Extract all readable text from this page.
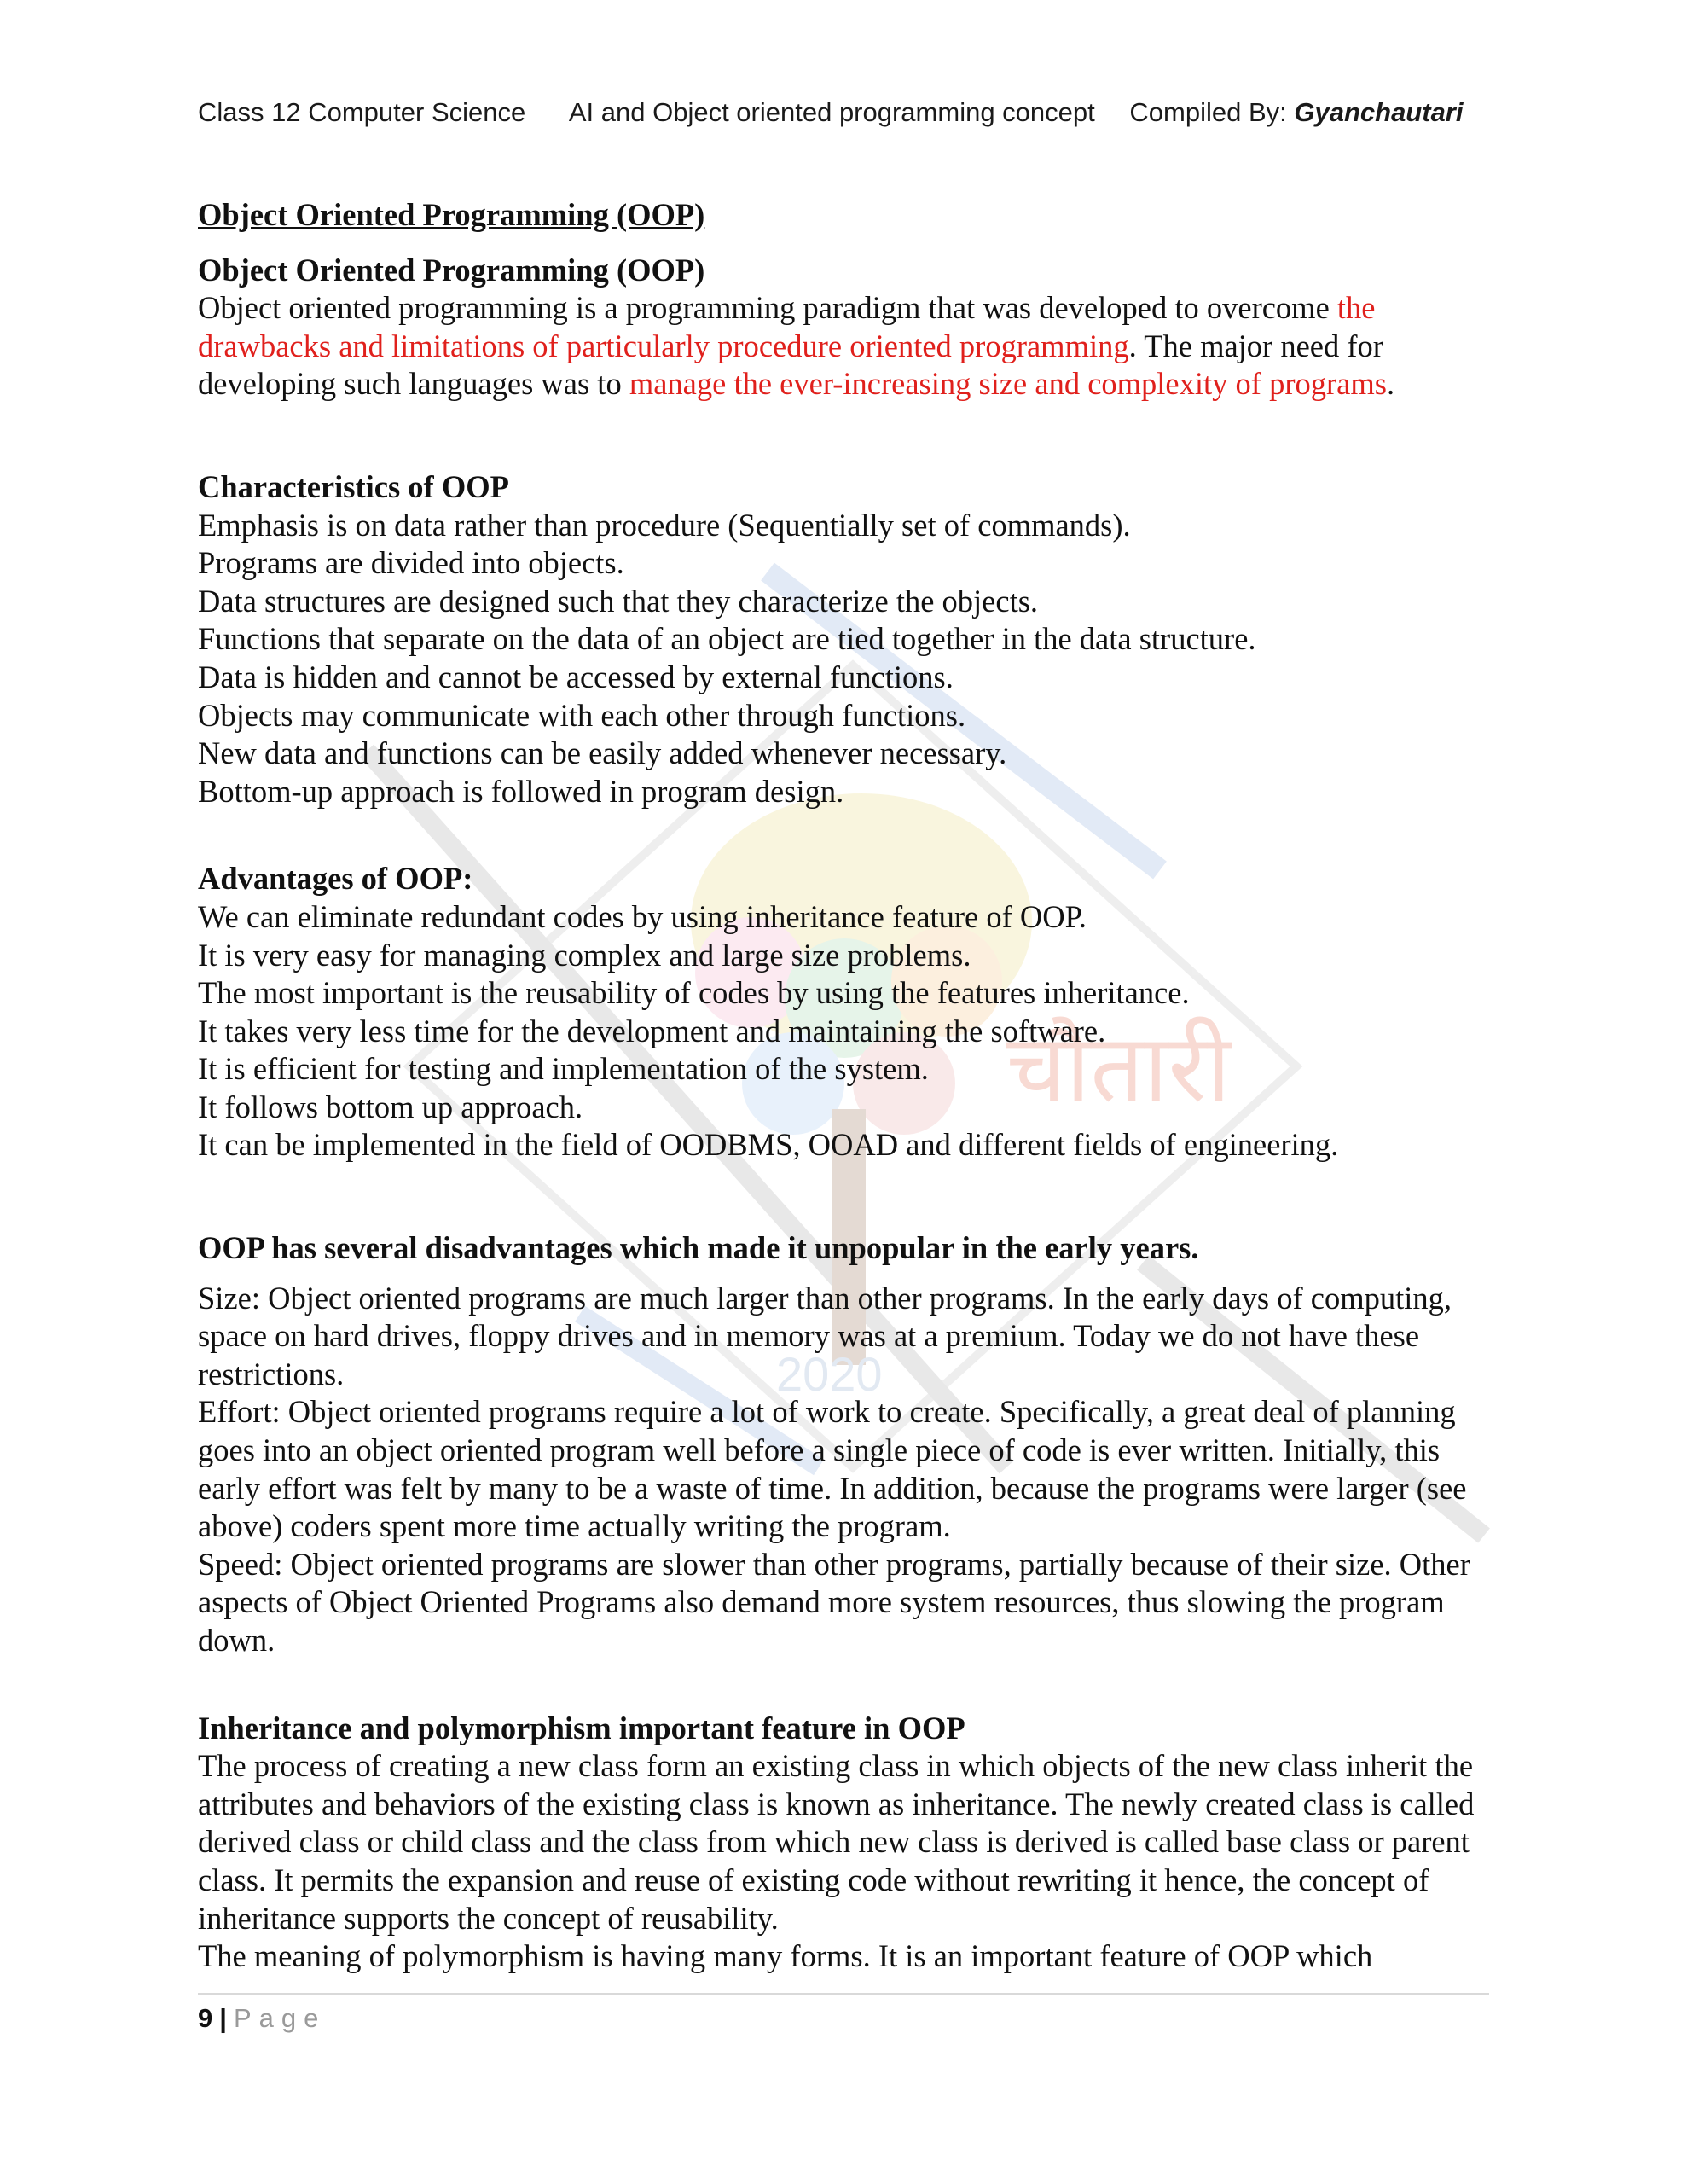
चौतारी
2020
Class 12 Computer Science AI and Object oriented programming concept Compiled By: Gyanchautari

Object Oriented Programming (OOP)

Object Oriented Programming (OOP)

Object oriented programming is a programming paradigm that was developed to overcome the drawbacks and limitations of particularly procedure oriented programming. The major need for developing such languages was to manage the ever-increasing size and complexity of programs.

Characteristics of OOP

Emphasis is on data rather than procedure (Sequentially set of commands).

Programs are divided into objects.

Data structures are designed such that they characterize the objects.

Functions that separate on the data of an object are tied together in the data structure.

Data is hidden and cannot be accessed by external functions.

Objects may communicate with each other through functions.

New data and functions can be easily added whenever necessary.

Bottom-up approach is followed in program design.

Advantages of OOP:

We can eliminate redundant codes by using inheritance feature of OOP.

It is very easy for managing complex and large size problems.

The most important is the reusability of codes by using the features inheritance.

It takes very less time for the development and maintaining the software.

It is efficient for testing and implementation of the system.

It follows bottom up approach.

It can be implemented in the field of OODBMS, OOAD and different fields of engineering.

OOP has several disadvantages which made it unpopular in the early years.

Size: Object oriented programs are much larger than other programs. In the early days of computing, space on hard drives, floppy drives and in memory was at a premium. Today we do not have these restrictions.

Effort: Object oriented programs require a lot of work to create. Specifically, a great deal of planning goes into an object oriented program well before a single piece of code is ever written. Initially, this early effort was felt by many to be a waste of time. In addition, because the programs were larger (see above) coders spent more time actually writing the program.

Speed: Object oriented programs are slower than other programs, partially because of their size. Other aspects of Object Oriented Programs also demand more system resources, thus slowing the program down.

Inheritance and polymorphism important feature in OOP

The process of creating a new class form an existing class in which objects of the new class inherit the attributes and behaviors of the existing class is known as inheritance. The newly created class is called derived class or child class and the class from which new class is derived is called base class or parent class. It permits the expansion and reuse of existing code without rewriting it hence, the concept of inheritance supports the concept of reusability.

The meaning of polymorphism is having many forms. It is an important feature of OOP which

9 | Page
